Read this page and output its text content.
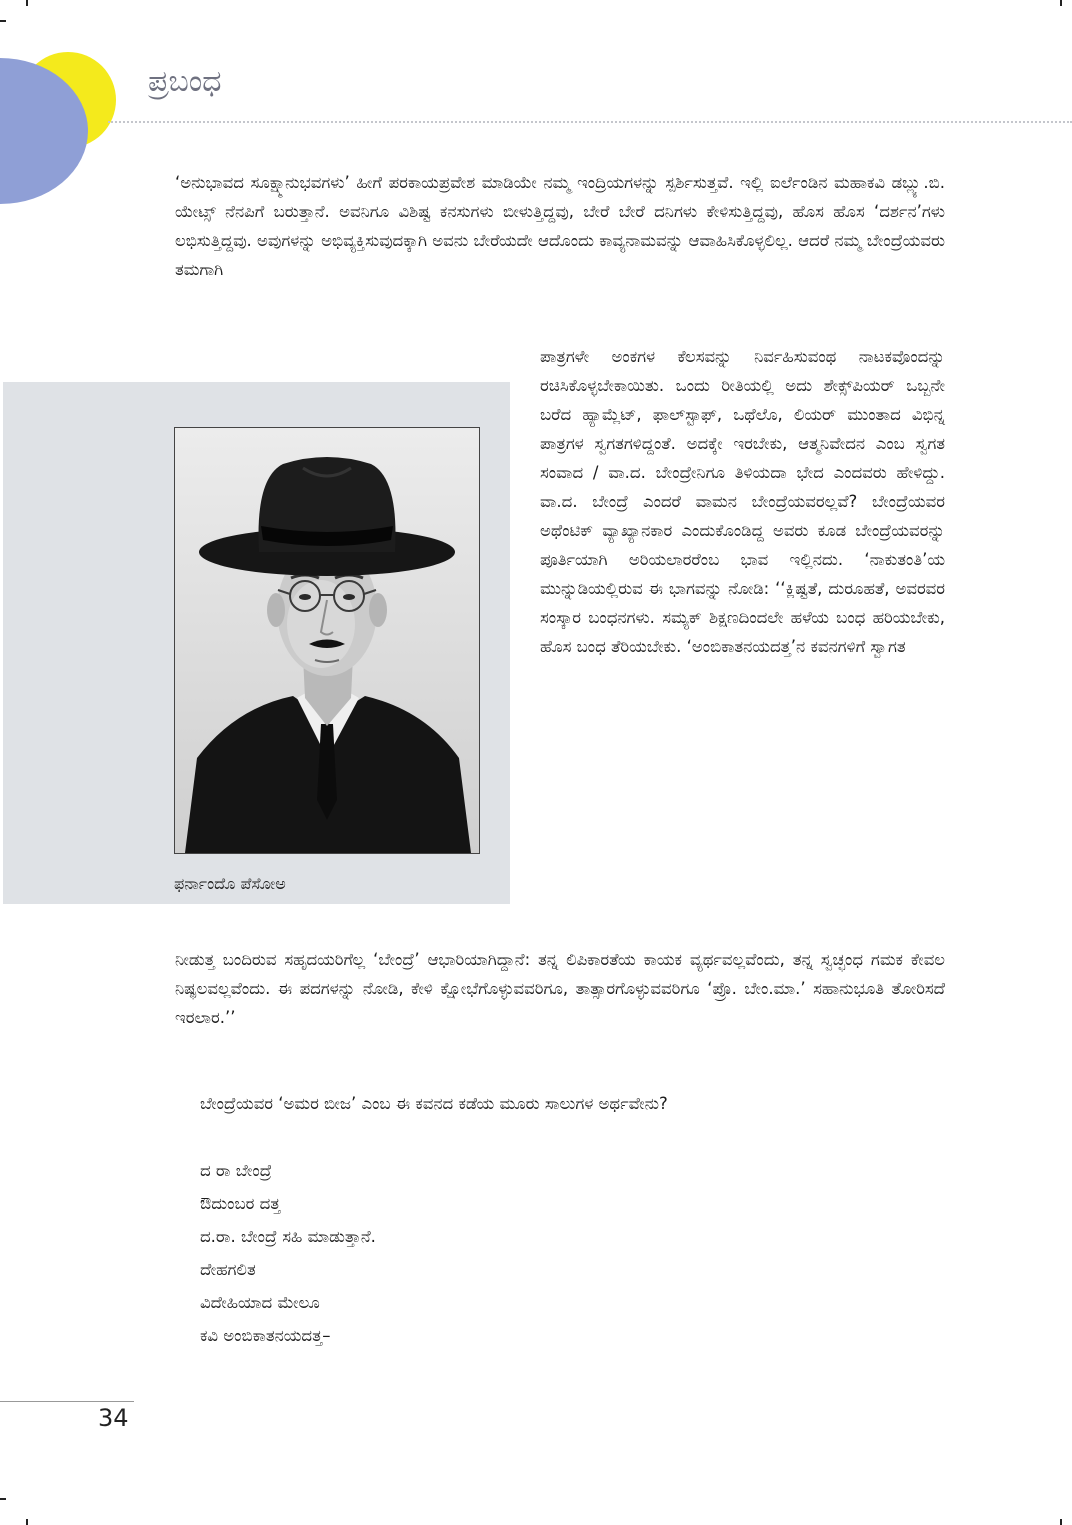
ಪ್ರಬಂಧ

‘ಅನುಭಾವದ ಸೂಕ್ಷ್ಮಾನುಭವಗಳು’ ಹೀಗೆ ಪರಕಾಯಪ್ರವೇಶ ಮಾಡಿಯೇ ನಮ್ಮ ಇಂದ್ರಿಯಗಳನ್ನು ಸ್ಪರ್ಶಿಸುತ್ತವೆ. ಇಲ್ಲಿ ಐರ್ಲೆಂಡಿನ ಮಹಾಕವಿ ಡಬ್ಲ್ಯು.ಬಿ. ಯೇಟ್ಸ್ ನೆನಪಿಗೆ ಬರುತ್ತಾನೆ. ಅವನಿಗೂ ವಿಶಿಷ್ಟ ಕನಸುಗಳು ಬೀಳುತ್ತಿದ್ದವು, ಬೇರೆ ಬೇರೆ ದನಿಗಳು ಕೇಳಿಸುತ್ತಿದ್ದವು, ಹೊಸ ಹೊಸ ‘ದರ್ಶನ’ಗಳು ಲಭಿಸುತ್ತಿದ್ದವು. ಅವುಗಳನ್ನು ಅಭಿವ್ಯಕ್ತಿಸುವುದಕ್ಕಾಗಿ ಅವನು ಬೇರೆಯದೇ ಆದೊಂದು ಕಾವ್ಯನಾಮವನ್ನು ಆವಾಹಿಸಿಕೊಳ್ಳಲಿಲ್ಲ. ಆದರೆ ನಮ್ಮ ಬೇಂದ್ರೆಯವರು ತಮಗಾಗಿ

ಫರ್ನಾಂದೊ ಪೆಸೋಅ

ಪಾತ್ರಗಳೇ ಅಂಕಗಳ ಕೆಲಸವನ್ನು ನಿರ್ವಹಿಸುವಂಥ ನಾಟಕವೊಂದನ್ನು ರಚಿಸಿಕೊಳ್ಳಬೇಕಾಯಿತು. ಒಂದು ರೀತಿಯಲ್ಲಿ ಅದು ಶೇಕ್ಸ್‌ಪಿಯರ್ ಒಬ್ಬನೇ ಬರೆದ ಹ್ಯಾಮ್ಲೆಟ್, ಫಾಲ್‌ಸ್ಟಾಫ್, ಒಥೆಲೊ, ಲಿಯರ್ ಮುಂತಾದ ವಿಭಿನ್ನ ಪಾತ್ರಗಳ ಸ್ವಗತಗಳಿದ್ದಂತೆ. ಅದಕ್ಕೇ ಇರಬೇಕು, ಆತ್ಮನಿವೇದನ ಎಂಬ ಸ್ವಗತ ಸಂವಾದ / ವಾ.ದ. ಬೇಂದ್ರೇನಿಗೂ ತಿಳಿಯದಾ ಭೇದ ಎಂದವರು ಹೇಳಿದ್ದು. ವಾ.ದ. ಬೇಂದ್ರೆ ಎಂದರೆ ವಾಮನ ಬೇಂದ್ರೆಯವರಲ್ಲವೆ? ಬೇಂದ್ರೆಯವರ ಅಥೆಂಟಿಕ್ ವ್ಯಾಖ್ಯಾನಕಾರ ಎಂದುಕೊಂಡಿದ್ದ ಅವರು ಕೂಡ ಬೇಂದ್ರೆಯವರನ್ನು ಪೂರ್ತಿಯಾಗಿ ಅರಿಯಲಾರರೆಂಬ ಭಾವ ಇಲ್ಲಿನದು. ‘ನಾಕುತಂತಿ’ಯ ಮುನ್ನುಡಿಯಲ್ಲಿರುವ ಈ ಭಾಗವನ್ನು ನೋಡಿ: ‘‘ಕ್ಲಿಷ್ಟತೆ, ದುರೂಹತೆ, ಅವರವರ ಸಂಸ್ಕಾರ ಬಂಧನಗಳು. ಸಮ್ಯಕ್ ಶಿಕ್ಷಣದಿಂದಲೇ ಹಳೆಯ ಬಂಧ ಹರಿಯಬೇಕು, ಹೊಸ ಬಂಧ ತೆರಿಯಬೇಕು. ‘ಅಂಬಿಕಾತನಯದತ್ತ’ನ ಕವನಗಳಿಗೆ ಸ್ವಾಗತ

ನೀಡುತ್ತ ಬಂದಿರುವ ಸಹೃದಯರಿಗೆಲ್ಲ ‘ಬೇಂದ್ರೆ’ ಆಭಾರಿಯಾಗಿದ್ದಾನೆ: ತನ್ನ ಲಿಪಿಕಾರತೆಯ ಕಾಯಕ ವ್ಯರ್ಥವಲ್ಲವೆಂದು, ತನ್ನ ಸ್ವಚ್ಛಂಧ ಗಮಕ ಕೇವಲ ನಿಷ್ಫಲವಲ್ಲವೆಂದು. ಈ ಪದಗಳನ್ನು ನೋಡಿ, ಕೇಳಿ ಕ್ಷೋಭೆಗೊಳ್ಳುವವರಿಗೂ, ತಾತ್ಸಾರಗೊಳ್ಳುವವರಿಗೂ ‘ಪ್ರೊ. ಬೇಂ.ಮಾ.’ ಸಹಾನುಭೂತಿ ತೋರಿಸದೆ ಇರಲಾರ.’’

ಬೇಂದ್ರೆಯವರ ‘ಅಮರ ಬೀಜ’ ಎಂಬ ಈ ಕವನದ ಕಡೆಯ ಮೂರು ಸಾಲುಗಳ ಅರ್ಥವೇನು?

ದ ರಾ ಬೇಂದ್ರೆ
ಔದುಂಬರ ದತ್ತ
ದ.ರಾ. ಬೇಂದ್ರೆ ಸಹಿ ಮಾಡುತ್ತಾನೆ.
ದೇಹಗಲಿತ
ವಿದೇಹಿಯಾದ ಮೇಲೂ
ಕವಿ ಅಂಬಿಕಾತನಯದತ್ತ–
34
